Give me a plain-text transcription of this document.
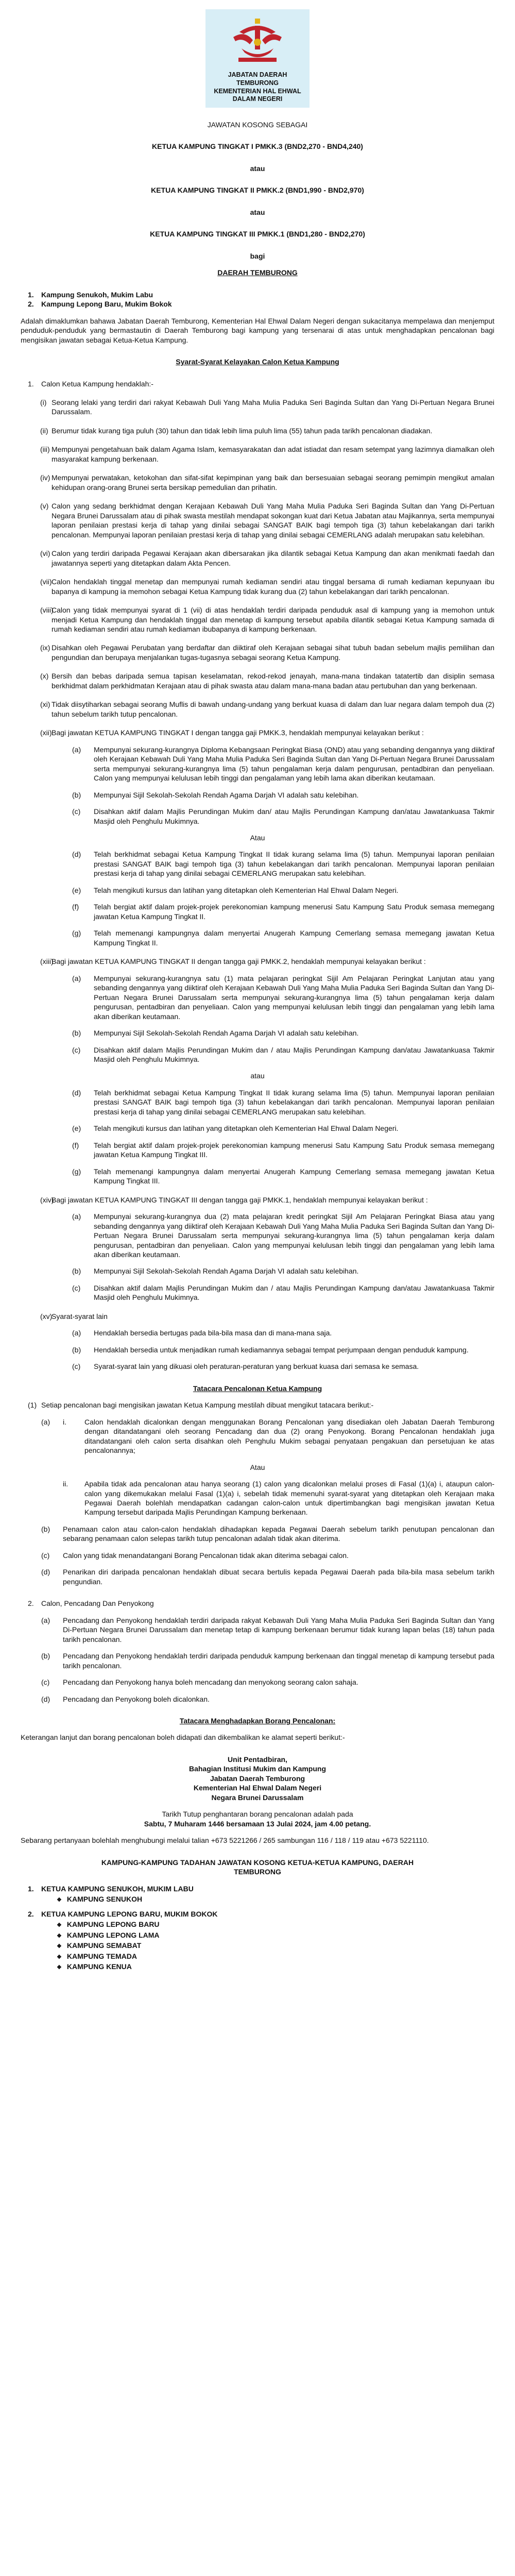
JABATAN DAERAH
TEMBURONG
KEMENTERIAN HAL EHWAL
DALAM NEGERI
JAWATAN KOSONG SEBAGAI
KETUA KAMPUNG TINGKAT I PMKK.3 (BND2,270 - BND4,240)
atau
KETUA KAMPUNG TINGKAT II PMKK.2 (BND1,990 - BND2,970)
atau
KETUA KAMPUNG TINGKAT III PMKK.1 (BND1,280 - BND2,270)
bagi
DAERAH TEMBURONG
1.	Kampung Senukoh, Mukim Labu
2.	Kampung Lepong Baru, Mukim Bokok
Adalah dimaklumkan bahawa Jabatan Daerah Temburong, Kementerian Hal Ehwal Dalam Negeri dengan sukacitanya mempelawa dan menjemput penduduk-penduduk yang bermastautin di Daerah Temburong bagi kampung yang tersenarai di atas untuk menghadapkan pencalonan bagi mengisikan jawatan sebagai Ketua-Ketua Kampung.
Syarat-Syarat Kelayakan Calon Ketua Kampung
1.	Calon Ketua Kampung hendaklah:-
(i) Seorang lelaki yang terdiri dari rakyat Kebawah Duli Yang Maha Mulia Paduka Seri Baginda Sultan dan Yang Di-Pertuan Negara Brunei Darussalam.
(ii) Berumur tidak kurang tiga puluh (30) tahun dan tidak lebih lima puluh lima (55) tahun pada tarikh pencalonan diadakan.
(iii) Mempunyai pengetahuan baik dalam Agama Islam, kemasyarakatan dan adat istiadat dan resam setempat yang lazimnya diamalkan oleh masyarakat kampung berkenaan.
(iv) Mempunyai perwatakan, ketokohan dan sifat-sifat kepimpinan yang baik dan bersesuaian sebagai seorang pemimpin mengikut amalan kehidupan orang-orang Brunei serta bersikap pemedulian dan prihatin.
(v) Calon yang sedang berkhidmat dengan Kerajaan Kebawah Duli Yang Maha Mulia Paduka Seri Baginda Sultan dan Yang Di-Pertuan Negara Brunei Darussalam atau di pihak swasta mestilah mendapat sokongan kuat dari Ketua Jabatan atau Majikannya, serta mempunyai laporan penilaian prestasi kerja di tahap yang dinilai sebagai SANGAT BAIK bagi tempoh tiga (3) tahun kebelakangan dari tarikh pencalonan. Mempunyai laporan penilaian prestasi kerja di tahap yang dinilai sebagai CEMERLANG adalah merupakan satu kelebihan.
(vi) Calon yang terdiri daripada Pegawai Kerajaan akan dibersarakan jika dilantik sebagai Ketua Kampung dan akan menikmati faedah dan jawatannya seperti yang ditetapkan dalam Akta Pencen.
(vii) Calon hendaklah tinggal menetap dan mempunyai rumah kediaman sendiri atau tinggal bersama di rumah kediaman kepunyaan ibu bapanya di kampung ia memohon sebagai Ketua Kampung tidak kurang dua (2) tahun kebelakangan dari tarikh pencalonan.
(viii)
Calon yang tidak mempunyai syarat di 1 (vii) di atas hendaklah terdiri daripada penduduk asal di kampung yang ia memohon untuk menjadi Ketua Kampung dan hendaklah tinggal dan menetap di kampung tersebut apabila dilantik sebagai Ketua Kampung samada di rumah kediaman sendiri atau rumah kediaman ibubapanya di kampung berkenaan.
(ix) Disahkan oleh Pegawai Perubatan yang berdaftar dan diiktiraf oleh Kerajaan sebagai sihat tubuh badan sebelum majlis pemilihan dan pengundian dan berupaya menjalankan tugas-tugasnya sebagai seorang Ketua Kampung.
(x) Bersih dan bebas daripada semua tapisan keselamatan, rekod-rekod jenayah, mana-mana tindakan tatatertib dan disiplin semasa berkhidmat dalam perkhidmatan Kerajaan atau di pihak swasta atau dalam mana-mana badan atau pertubuhan dan yang berkenaan.
(xi) Tidak diisytiharkan sebagai seorang Muflis di bawah undang-undang yang berkuat kuasa di dalam dan luar negara dalam tempoh dua (2) tahun sebelum tarikh tutup pencalonan.
(xii) Bagi jawatan KETUA KAMPUNG TINGKAT I dengan tangga gaji PMKK.3, hendaklah mempunyai kelayakan berikut :
(a)	Mempunyai sekurang-kurangnya Diploma Kebangsaan Peringkat Biasa (OND) atau yang sebanding dengannya yang diiktiraf oleh Kerajaan Kebawah Duli Yang Maha Mulia Paduka Seri Baginda Sultan dan Yang Di-Pertuan Negara Brunei Darussalam serta mempunyai sekurang-kurangnya lima (5) tahun pengalaman kerja dalam pengurusan, pentadbiran dan penyeliaan. Calon yang mempunyai kelulusan lebih tinggi dan pengalaman yang lebih lama akan diberikan keutamaan.
(b)	Mempunyai Sijil Sekolah-Sekolah Rendah Agama Darjah VI adalah satu kelebihan.
(c)	Disahkan aktif dalam Majlis Perundingan Mukim dan/ atau Majlis Perundingan Kampung dan/atau Jawatankuasa Takmir Masjid oleh Penghulu Mukimnya.
Atau
(d)	Telah berkhidmat sebagai Ketua Kampung Tingkat II tidak kurang selama lima (5) tahun. Mempunyai laporan penilaian prestasi SANGAT BAIK bagi tempoh tiga (3) tahun kebelakangan dari tarikh pencalonan. Mempunyai laporan penilaian prestasi kerja di tahap yang dinilai sebagai CEMERLANG merupakan satu kelebihan.
(e)	Telah mengikuti kursus dan latihan yang ditetapkan oleh Kementerian Hal Ehwal Dalam Negeri.
(f)	Telah bergiat aktif dalam projek-projek perekonomian kampung menerusi Satu Kampung Satu Produk semasa memegang jawatan Ketua Kampung Tingkat II.
(g)	Telah memenangi kampungnya dalam menyertai Anugerah Kampung Cemerlang semasa memegang jawatan Ketua Kampung Tingkat II.
(xiii)
Bagi jawatan KETUA KAMPUNG TINGKAT II dengan tangga gaji PMKK.2, hendaklah mempunyai kelayakan berikut :
(a)	Mempunyai sekurang-kurangnya satu (1) mata pelajaran peringkat Sijil Am Pelajaran Peringkat Lanjutan atau yang sebanding dengannya yang diiktiraf oleh Kerajaan Kebawah Duli Yang Maha Mulia Paduka Seri Baginda Sultan dan Yang Di-Pertuan Negara Brunei Darussalam serta mempunyai sekurang-kurangnya lima (5) tahun pengalaman kerja dalam pengurusan, pentadbiran dan penyeliaan. Calon yang mempunyai kelulusan lebih tinggi dan pengalaman yang lebih lama akan diberikan keutamaan.
(b)	Mempunyai Sijil Sekolah-Sekolah Rendah Agama Darjah VI adalah satu kelebihan.
(c)	Disahkan aktif dalam Majlis Perundingan Mukim dan / atau Majlis Perundingan Kampung dan/atau Jawatankuasa Takmir Masjid oleh Penghulu Mukimnya.
atau
(d)	Telah berkhidmat sebagai Ketua Kampung Tingkat II tidak kurang selama lima (5) tahun. Mempunyai laporan penilaian prestasi SANGAT BAIK bagi tempoh tiga (3) tahun kebelakangan dari tarikh pencalonan. Mempunyai laporan penilaian prestasi kerja di tahap yang dinilai sebagai CEMERLANG merupakan satu kelebihan.
(e)	Telah mengikuti kursus dan latihan yang ditetapkan oleh Kementerian Hal Ehwal Dalam Negeri.
(f)	Telah bergiat aktif dalam projek-projek perekonomian kampung menerusi Satu Kampung Satu Produk semasa memegang jawatan Ketua Kampung Tingkat III.
(g)	Telah memenangi kampungnya dalam menyertai Anugerah Kampung Cemerlang semasa memegang jawatan Ketua Kampung Tingkat III.
(xiv)
Bagi jawatan KETUA KAMPUNG TINGKAT III dengan tangga gaji PMKK.1, hendaklah mempunyai kelayakan berikut :
(a)	Mempunyai sekurang-kurangnya dua (2) mata pelajaran kredit peringkat Sijil Am Pelajaran Peringkat Biasa atau yang sebanding dengannya yang diiktiraf oleh Kerajaan Kebawah Duli Yang Maha Mulia Paduka Seri Baginda Sultan dan Yang Di-Pertuan Negara Brunei Darussalam serta mempunyai sekurang-kurangnya lima (5) tahun pengalaman kerja dalam pengurusan, pentadbiran dan penyeliaan. Calon yang mempunyai kelulusan lebih tinggi dan pengalaman yang lebih lama akan diberikan keutamaan.
(b)	Mempunyai Sijil Sekolah-Sekolah Rendah Agama Darjah VI adalah satu kelebihan.
(c)	Disahkan aktif dalam Majlis Perundingan Mukim dan / atau Majlis Perundingan Kampung dan/atau Jawatankuasa Takmir Masjid oleh Penghulu Mukimnya.
(xv)
Syarat-syarat lain
(a)	Hendaklah bersedia bertugas pada bila-bila masa dan di mana-mana saja.
(b)	Hendaklah bersedia untuk menjadikan rumah kediamannya sebagai tempat perjumpaan dengan penduduk kampung.
(c)	Syarat-syarat lain yang dikuasi oleh peraturan-peraturan yang berkuat kuasa dari semasa ke semasa.
Tatacara Pencalonan Ketua Kampung
(1) Setiap pencalonan bagi mengisikan jawatan Ketua Kampung mestilah dibuat mengikut tatacara berikut:-
(a)	i.	Calon hendaklah dicalonkan dengan menggunakan Borang Pencalonan yang disediakan oleh Jabatan Daerah Temburong dengan ditandatangani oleh seorang Pencadang dan dua (2) orang Penyokong. Borang Pencalonan hendaklah juga ditandatangani oleh calon serta disahkan oleh Penghulu Mukim sebagai penyataan pengakuan dan persetujuan ke atas pencalonannya;
Atau
ii.	Apabila tidak ada pencalonan atau hanya seorang (1) calon yang dicalonkan melalui proses di Fasal (1)(a) i, ataupun calon-calon yang dikemukakan melalui Fasal (1)(a) i, sebelah tidak memenuhi syarat-syarat yang ditetapkan oleh Kerajaan maka Pegawai Daerah bolehlah mendapatkan cadangan calon-calon untuk dipertimbangkan bagi mengisikan jawatan Ketua Kampung tersebut daripada Majlis Perundingan Kampung berkenaan.
(b)	Penamaan calon atau calon-calon hendaklah dihadapkan kepada Pegawai Daerah sebelum tarikh penutupan pencalonan dan sebarang penamaan calon selepas tarikh tutup pencalonan adalah tidak akan diterima.
(c)	Calon yang tidak menandatangani Borang Pencalonan tidak akan diterima sebagai calon.
(d)	Penarikan diri daripada pencalonan hendaklah dibuat secara bertulis kepada Pegawai Daerah pada bila-bila masa sebelum tarikh pengundian.
2.	Calon, Pencadang Dan Penyokong
(a)	Pencadang dan Penyokong hendaklah terdiri daripada rakyat Kebawah Duli Yang Maha Mulia Paduka Seri Baginda Sultan dan Yang Di-Pertuan Negara Brunei Darussalam dan menetap tetap di kampung berkenaan berumur tidak kurang lapan belas (18) tahun pada tarikh pencalonan.
(b)	Pencadang dan Penyokong hendaklah terdiri daripada penduduk kampung berkenaan dan tinggal menetap di kampung tersebut pada tarikh pencalonan.
(c)	Pencadang dan Penyokong hanya boleh mencadang dan menyokong seorang calon sahaja.
(d)	Pencadang dan Penyokong boleh dicalonkan.
Tatacara Menghadapkan Borang Pencalonan:
Keterangan lanjut dan borang pencalonan boleh didapati dan dikembalikan ke alamat seperti berikut:-
Unit Pentadbiran,
Bahagian Institusi Mukim dan Kampung
Jabatan Daerah Temburong
Kementerian Hal Ehwal Dalam Negeri
Negara Brunei Darussalam
Tarikh Tutup penghantaran borang pencalonan adalah pada
Sabtu, 7 Muharam 1446 bersamaan 13 Julai 2024, jam 4.00 petang.
Sebarang pertanyaan bolehlah menghubungi melalui talian +673 5221266 / 265 sambungan 116 / 118 / 119 atau +673 5221110.
KAMPUNG-KAMPUNG TADAHAN JAWATAN KOSONG KETUA-KETUA KAMPUNG, DAERAH TEMBURONG
1.	KETUA KAMPUNG SENUKOH, MUKIM LABU
❖ KAMPUNG SENUKOH
2.	KETUA KAMPUNG LEPONG BARU, MUKIM BOKOK
❖ KAMPUNG LEPONG BARU
❖ KAMPUNG LEPONG LAMA
❖ KAMPUNG SEMABAT
❖ KAMPUNG TEMADA
❖ KAMPUNG KENUA
